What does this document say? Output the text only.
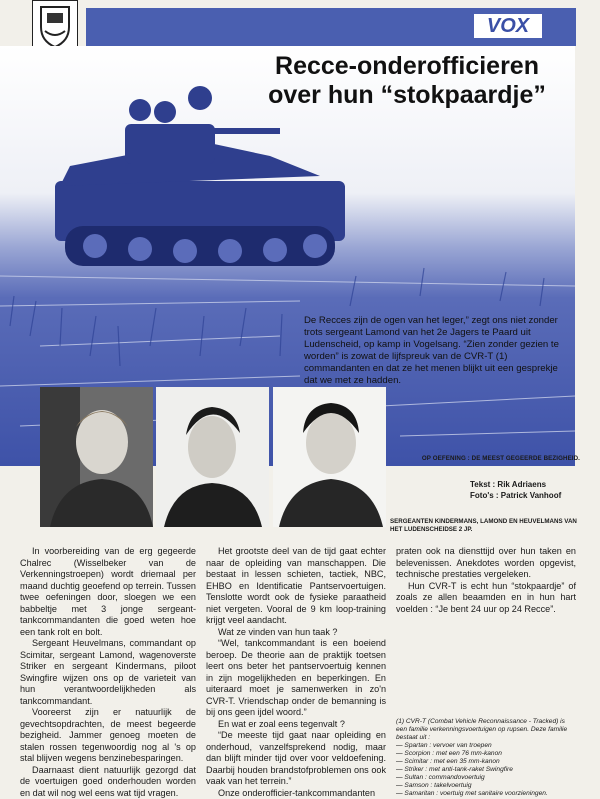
VOX
Recce-onderofficieren
over hun “stokpaardje”
De Recces zijn de ogen van het leger,” zegt ons niet zonder trots sergeant Lamond van het 2e Jagers te Paard uit Ludenscheid, op kamp in Vogelsang. “Zien zonder gezien te worden” is zowat de lijfspreuk van de CVR-T (1) commandanten en dat ze het menen blijkt uit een gesprekje dat we met ze hadden.
OP OEFENING : DE MEEST GEGEERDE BEZIGHEID.
Tekst : Rik Adriaens
Foto's : Patrick Vanhoof
SERGEANTEN KINDERMANS, LAMOND EN HEUVELMANS VAN HET LUDENSCHEIDSE 2 JP.

In voorbereiding van de erg gegeerde Chalrec (Wisselbeker van de Verkenningstroepen) wordt driemaal per maand duchtig geoefend op terrein. Tussen twee oefeningen door, sloegen we een babbeltje met 3 jonge sergeant-tankcommandanten die goed weten hoe een tank rolt en bolt.

Sergeant Heuvelmans, commandant op Scimitar, sergeant Lamond, wagenoverste Striker en sergeant Kindermans, piloot Swingfire wijzen ons op de varieteit van hun verantwoordelijkheden als tankcommandant.

Vooreerst zijn er natuurlijk de gevechtsopdrachten, de meest begeerde bezigheid. Jammer genoeg moeten de stalen rossen tegenwoordig nog al 's op stal blijven wegens benzinebesparingen.

Daarnaast dient natuurlijk gezorgd dat de voertuigen goed onderhouden worden en dat wil nog wel eens wat tijd vragen.

Het grootste deel van de tijd gaat echter naar de opleiding van manschappen. Die bestaat in lessen schieten, tactiek, NBC, EHBO en Identificatie Pantservoertuigen. Tenslotte wordt ook de fysieke paraatheid niet vergeten. Vooral de 9 km loop-training krijgt veel aandacht.

Wat ze vinden van hun taak ?

“Wel, tankcommandant is een boeiend beroep. De theorie aan de praktijk toetsen leert ons beter het pantservoertuig kennen in zijn mogelijkheden en beperkingen. En uiteraard moet je samenwerken in zo'n CVR-T. Vriendschap onder de bemanning is bij ons geen ijdel woord.”

En wat er zoal eens tegenvalt ?

“De meeste tijd gaat naar opleiding en onderhoud, vanzelfsprekend nodig, maar dan blijft minder tijd over voor veldoefening. Daarbij houden brandstofproblemen ons ook vaak van het terrein.”

Onze onderofficier-tankcommandanten

praten ook na diensttijd over hun taken en belevenissen. Anekdotes worden opgevist, technische prestaties vergeleken.

Hun CVR-T is echt hun “stokpaardje” of zoals ze allen beaamden en in hun hart voelden : “Je bent 24 uur op 24 Recce”.

(1) CVR-T (Combat Vehicle Reconnaissance - Tracked) is een familie verkenningsvoertuigen op rupsen. Deze familie bestaat uit :
— Spartan : vervoer van troepen
— Scorpion : met een 76 mm-kanon
— Scimitar : met een 35 mm-kanon
— Striker : met anti-tank-raket Swingfire
— Sultan : commandovoertuig
— Samson : takelvoertuig
— Samaritan : voertuig met sanitaire voorzieningen.
